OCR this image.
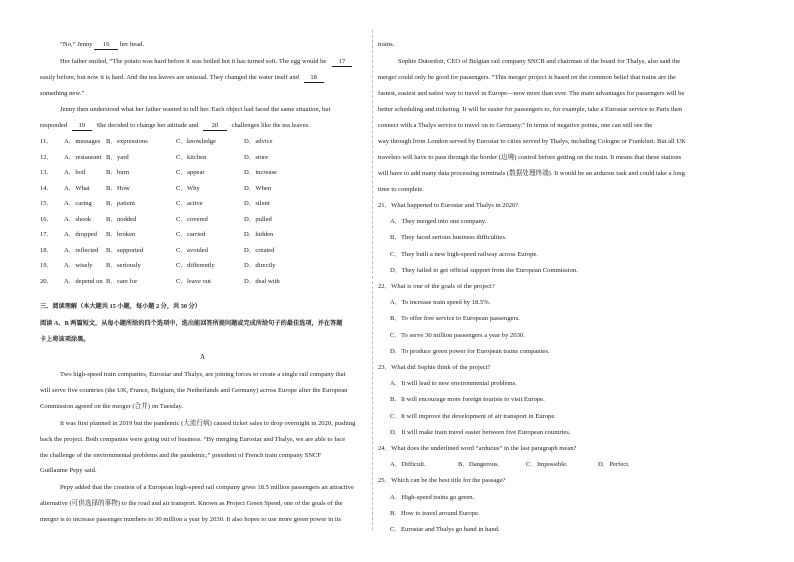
“No,” Jenny 16 her head.
Her father smiled, “The potato was hard before it was boiled but it has turned soft. The egg would be 17
easily before, but now it is hard. And the tea leaves are unusual. They changed the water itself and 18
something new.”
Jenny then understood what her father wanted to tell her. Each object had faced the same situation, but
responded 19 She decided to change her attitude and 20 challenges like the tea leaves.
11． A．messages B．expressions	C．knowledge	D．advice
12． A．restaurant B．yard	C．kitchen	D．store
13． A．boil	B．burn	C．appear	D．increase
14． A．What B．How	C．Why	D．When
15． A．caring B．patient	C．active	D．silent
16． A．shook B．nodded	C．covered	D．pulled
17． A．dropped B．broken	C．carried	D．hidden
18． A．reflected B．supported	C．avoided	D．created
19． A．wisely B．seriously	C．differently	D．directly
20． A．depend on B．care for	C．leave out	D．deal with
三、阅读理解（本大题共 15 小题，每小题 2 分，共 30 分）
阅读 A、B 两篇短文，从每小题所给的四个选项中，选出能回答所提问题或完成所给句子的最佳选项，并在答题
卡上将该项涂黑。
A
Two high-speed train companies, Eurostar and Thalys, are joining forces to create a single rail company that
will serve five countries (the UK, France, Belgium, the Netherlands and Germany) across Europe after the European
Commission agreed on the merger (合并) on Tuesday.
It was first planned in 2019 but the pandemic (大流行病) caused ticket sales to drop overnight in 2020, pushing
back the project. Both companies were going out of business. “By merging Eurostar and Thalys, we are able to face
the challenge of the environmental problems and the pandemic,” president of French train company SNCF
Guillaume Pepy said.
Pepy added that the creation of a European high-speed rail company gives 18.5 million passengers an attractive
alternative (可供选择的事物) to the road and air transport. Known as Project Green Speed, one of the goals of the
merger is to increase passenger numbers to 30 million a year by 2030. It also hopes to use more green power in its
trains.
Sophie Dutordoir, CEO of Belgian rail company SNCB and chairman of the board for Thalys, also said the
merger could only be good for passengers. “This merger project is based on the common belief that trains are the
fastest, easiest and safest way to travel in Europe—now more than ever. The main advantages for passengers will be
better scheduling and ticketing. It will be easier for passengers to, for example, take a Eurostar service to Paris then
connect with a Thalys service to travel on to Germany.” In terms of negative points, one can still see the
way through from London served by Eurostar to cities served by Thalys, including Cologne or Frankfurt. But all UK
travelers will have to pass through the border (边境) control before getting on the train. It means that these stations
will have to add many data processing terminals (数据处理终端). It would be an arduous task and could take a long
time to complete.
21．What happened to Eurostar and Thalys in 2020?
A．They merged into one company.
B．They faced serious business difficulties.
C．They built a new high-speed railway across Europe.
D．They failed to get official support from the European Commission.
22．What is one of the goals of the project?
A．To increase train speed by 18.5%.
B．To offer free service to European passengers.
C．To serve 30 million passengers a year by 2030.
D．To produce green power for European trains companies.
23．What did Sophie think of the project?
A．It will lead to new environmental problems.
B．It will encourage more foreign tourists to visit Europe.
C．It will improve the development of air transport in Europe.
D．It will make train travel easier between five European countries.
24．What does the underlined word “arduous” in the last paragraph mean?
A．Difficult.	B．Dangerous.	C．Impossible.	D．Perfect.
25．Which can be the best title for the passage?
A．High-speed trains go green.
B．How to travel around Europe.
C．Eurostar and Thalys go hand in hand.
